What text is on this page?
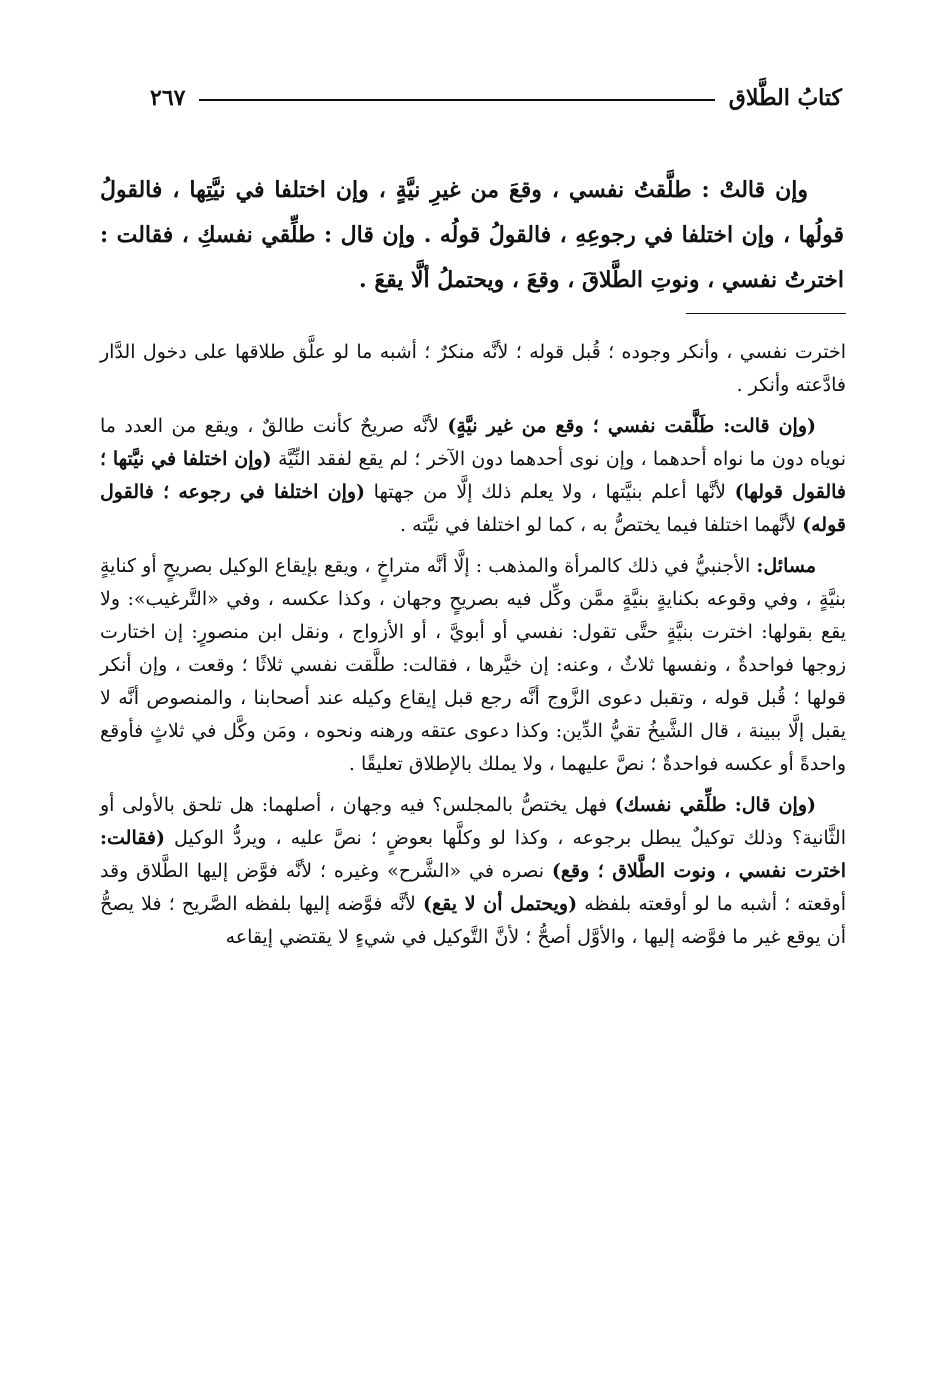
كتابُ الطَّلاق
٢٦٧

وإن قالتْ : طلَّقتُ نفسي ، وقعَ من غيرِ نيَّةٍ ، وإن اختلفا في نيَّتِها ، فالقولُ قولُها ، وإن اختلفا في رجوعِهِ ، فالقولُ قولُه . وإن قال : طلِّقي نفسكِ ، فقالت : اخترتُ نفسي ، ونوتِ الطَّلاقَ ، وقعَ ، ويحتملُ ألَّا يقعَ .

اخترت نفسي ، وأنكر وجوده ؛ قُبل قوله ؛ لأنَّه منكرٌ ؛ أشبه ما لو علَّق طلاقها على دخول الدَّار فادَّعته وأنكر .

(وإن قالت: طَلَّقت نفسي ؛ وقع من غير نيَّةٍ) لأنَّه صريحٌ كأنت طالقٌ ، ويقع من العدد ما نوياه دون ما نواه أحدهما ، وإن نوى أحدهما دون الآخر ؛ لم يقع لفقد النِّيَّة (وإن اختلفا في نيَّتها ؛ فالقول قولها) لأنَّها أعلم بنيَّتها ، ولا يعلم ذلك إلَّا من جهتها (وإن اختلفا في رجوعه ؛ فالقول قوله) لأنَّهما اختلفا فيما يختصُّ به ، كما لو اختلفا في نيَّته .

مسائل: الأجنبيُّ في ذلك كالمرأة والمذهب : إلَّا أنَّه متراخٍ ، ويقع بإيقاع الوكيل بصريحٍ أو كنايةٍ بنيَّةٍ ، وفي وقوعه بكنايةٍ بنيَّةٍ ممَّن وكِّل فيه بصريحٍ وجهان ، وكذا عكسه ، وفي «التَّرغيب»: ولا يقع بقولها: اخترت بنيَّةٍ حتَّى تقول: نفسي أو أبويَّ ، أو الأزواج ، ونقل ابن منصورٍ: إن اختارت زوجها فواحدةٌ ، ونفسها ثلاثٌ ، وعنه: إن خيَّرها ، فقالت: طلَّقت نفسي ثلاثًا ؛ وقعت ، وإن أنكر قولها ؛ قُبل قوله ، وتقبل دعوى الزَّوج أنَّه رجع قبل إيقاع وكيله عند أصحابنا ، والمنصوص أنَّه لا يقبل إلَّا ببينة ، قال الشَّيخُ تقيُّ الدِّين: وكذا دعوى عتقه ورهنه ونحوه ، ومَن وكَّل في ثلاثٍ فأوقع واحدةً أو عكسه فواحدةٌ ؛ نصَّ عليهما ، ولا يملك بالإطلاق تعليقًا .

(وإن قال: طلِّقي نفسك) فهل يختصُّ بالمجلس؟ فيه وجهان ، أصلهما: هل تلحق بالأولى أو الثَّانية؟ وذلك توكيلٌ يبطل برجوعه ، وكذا لو وكلَّها بعوضٍ ؛ نصَّ عليه ، ويردُّ الوكيل (فقالت: اخترت نفسي ، ونوت الطَّلاق ؛ وقع) نصره في «الشَّرح» وغيره ؛ لأنَّه فوَّض إليها الطَّلاق وقد أوقعته ؛ أشبه ما لو أوقعته بلفظه (ويحتمل أن لا يقع) لأنَّه فوَّضه إليها بلفظه الصَّريح ؛ فلا يصحُّ أن يوقع غير ما فوَّضه إليها ، والأوَّل أصحُّ ؛ لأنَّ التَّوكيل في شيءٍ لا يقتضي إيقاعه
